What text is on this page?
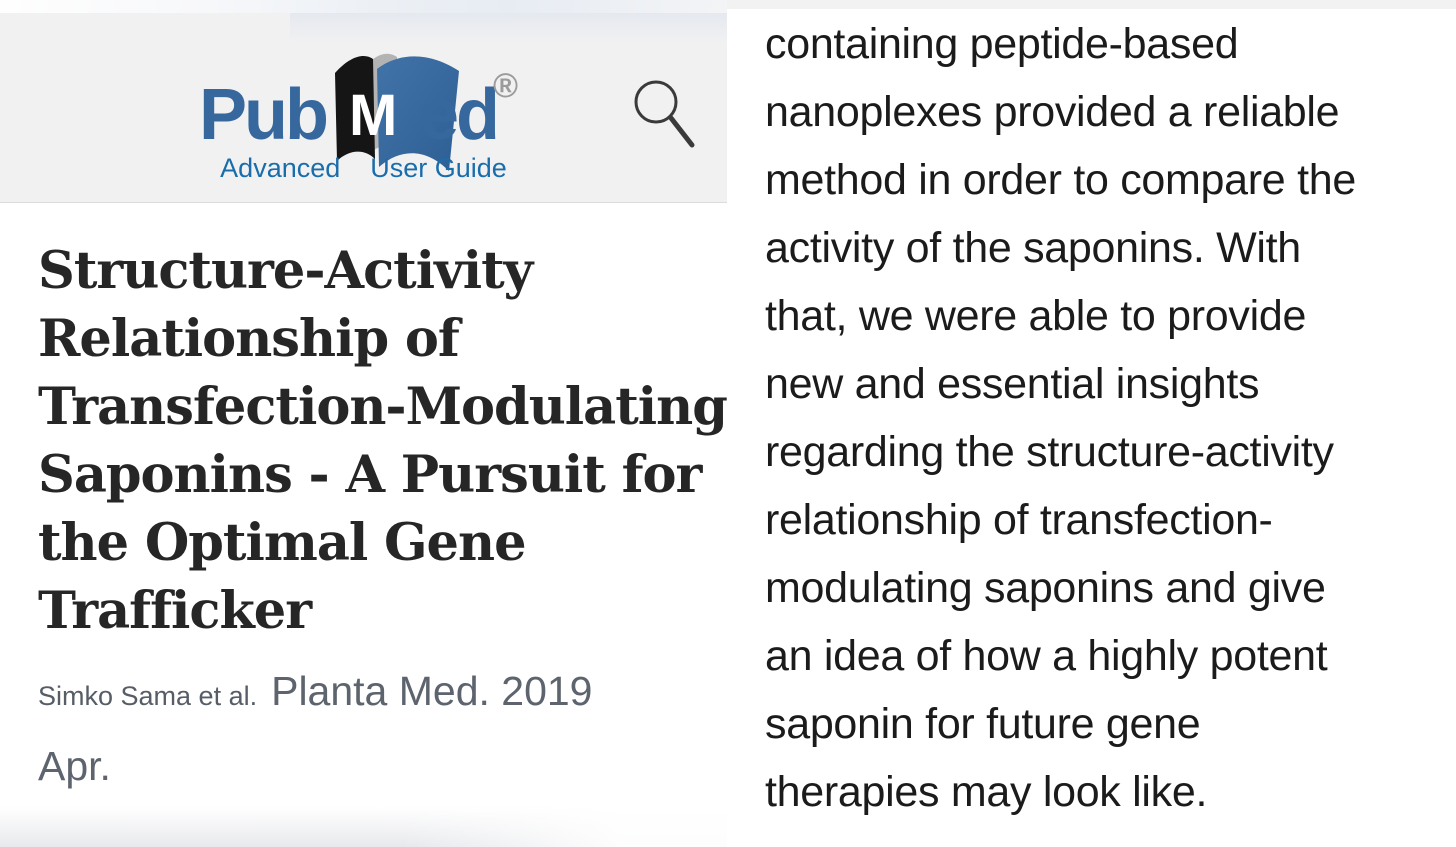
Pub M ed
®
Advanced User Guide
Structure-Activity
Relationship of
Transfection-Modulating
Saponins - A Pursuit for
the Optimal Gene
Trafficker

Simko Sama et al. Planta Med. 2019 Apr.

containing peptide-based
nanoplexes provided a reliable
method in order to compare the
activity of the saponins. With
that, we were able to provide
new and essential insights
regarding the structure-activity
relationship of transfection-
modulating saponins and give
an idea of how a highly potent
saponin for future gene
therapies may look like.
